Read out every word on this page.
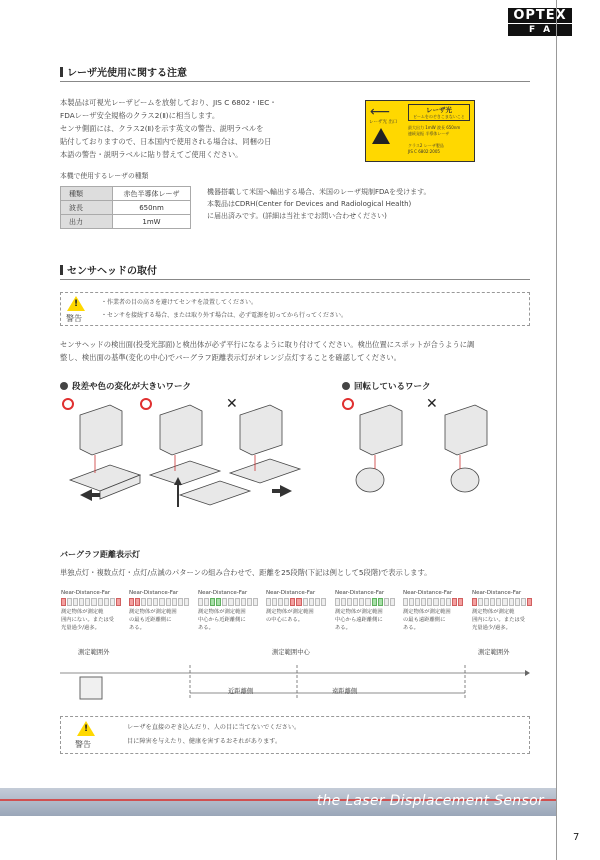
OPTEX
FA
レーザ光使用に関する注意
本製品は可視光レーザビームを放射しており、JIS C 6802・IEC・
FDAレーザ安全規格のクラス2(Ⅱ)に相当します。
センサ側面には、クラス2(Ⅱ)を示す英文の警告、説明ラベルを
貼付しておりますので、日本国内で使用される場合は、同梱の日
本語の警告・説明ラベルに貼り替えてご使用ください。
本機で使用するレーザの種類
種類	赤色半導体レーザ
波長	650nm
出力	1mW
⟵
レーザ光 出口
レーザ光
ビームをのぞきこまないこと
最大出力 1mW 波長 650nm
連続発振 半導体レーザ
クラス2 レーザ製品
JIS C 6802:2005
機器搭載して米国へ輸出する場合、米国のレーザ規制FDAを受けます。
本製品はCDRH(Center for Devices and Radiological Health)
に届出済みです。(詳細は当社までお問い合わせください)
センサヘッドの取付
!
警告
・作業者の目の高さを避けてセンサを設置してください。
・センサを接続する場合、または取り外す場合は、必ず電源を切ってから行ってください。
センサヘッドの検出面(投受光部面)と検出体が必ず平行になるように取り付けてください。検出位置にスポットが合うように調
整し、検出面の基準(変化の中心)でバーグラフ距離表示灯がオレンジ点灯することを確認してください。
段差や色の変化が大きいワーク	回転しているワーク
✕	✕
バーグラフ距離表示灯
単独点灯・複数点灯・点灯/点滅のパターンの組み合わせで、距離を25段階(下記は例として5段階)で表示します。
Near-Distance-Far
測定物体が測定範
囲内にない。または受
光量過少/過多。
Near-Distance-Far
測定物体が測定範囲
の最も近距離側に
ある。
Near-Distance-Far
測定物体が測定範囲
中心から近距離側に
ある。
Near-Distance-Far
測定物体が測定範囲
の中心にある。
Near-Distance-Far
測定物体が測定範囲
中心から遠距離側に
ある。
Near-Distance-Far
測定物体が測定範囲
の最も遠距離側に
ある。
Near-Distance-Far
測定物体が測定範
囲内にない。または受
光量過少/過多。
測定範囲外	測定範囲中心	測定範囲外
近距離側	遠距離側
!
警告
レーザを直接のぞき込んだり、人の目に当てないでください。
目に障害を与えたり、健康を害するおそれがあります。
the Laser Displacement Sensor
7
